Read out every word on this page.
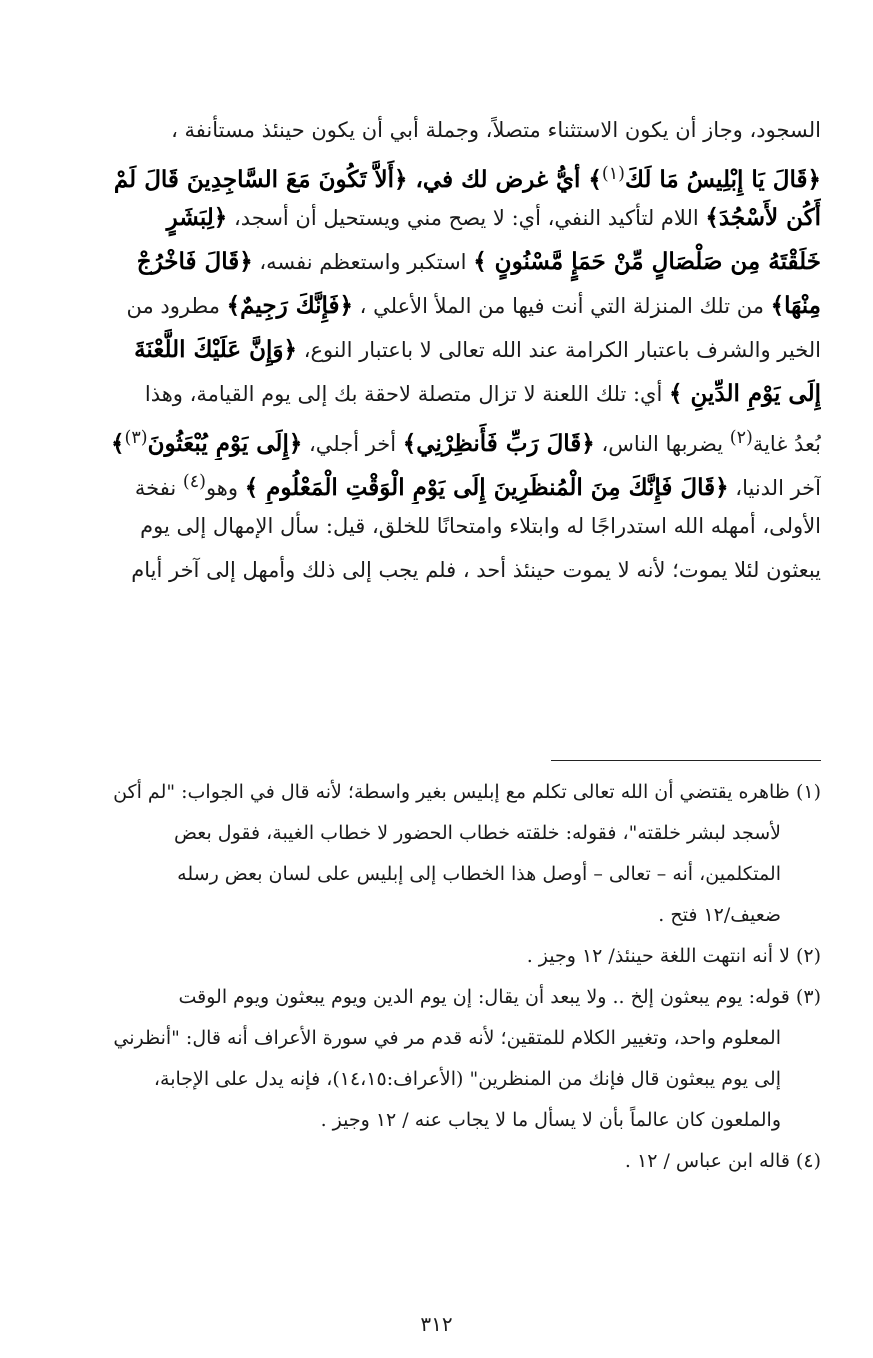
السجود، وجاز أن يكون الاستثناء متصلاً، وجملة أبي أن يكون حينئذ مستأنفة ،
﴿قَالَ يَا إِبْلِيسُ مَا لَكَ$^{(١)}$﴾ أيُّ غرض لك في، ﴿أَلاَّ تَكُونَ مَعَ السَّاجِدِينَ قَالَ لَمْ
أَكُن لأَسْجُدَ﴾ اللام لتأكيد النفي، أي: لا يصح مني ويستحيل أن أسجد، ﴿لِبَشَرٍ
خَلَقْتَهُ مِن صَلْصَالٍ مِّنْ حَمَإٍ مَّسْنُونٍ ﴾ استكبر واستعظم نفسه، ﴿قَالَ فَاخْرُجْ
مِنْهَا﴾ من تلك المنزلة التي أنت فيها من الملأ الأعلي ، ﴿فَإِنَّكَ رَجِيمٌ﴾ مطرود من
الخير والشرف باعتبار الكرامة عند الله تعالى لا باعتبار النوع، ﴿وَإِنَّ عَلَيْكَ اللَّعْنَةَ
إِلَى يَوْمِ الدِّينِ ﴾ أي: تلك اللعنة لا تزال متصلة لاحقة بك إلى يوم القيامة، وهذا
بُعدُ غاية$^{(٢)}$ يضربها الناس، ﴿قَالَ رَبِّ فَأَنظِرْنِي﴾ أخر أجلي، ﴿إِلَى يَوْمِ يُبْعَثُونَ$^{(٣)}$﴾
آخر الدنيا، ﴿قَالَ فَإِنَّكَ مِنَ الْمُنظَرِينَ إِلَى يَوْمِ الْوَقْتِ الْمَعْلُومِ ﴾ وهو$^{(٤)}$ نفخة
الأولى، أمهله الله استدراجًا له وابتلاء وامتحانًا للخلق، قيل: سأل الإمهال إلى يوم
يبعثون لئلا يموت؛ لأنه لا يموت حينئذ أحد ، فلم يجب إلى ذلك وأمهل إلى آخر أيام
(١) ظاهره يقتضي أن الله تعالى تكلم مع إبليس بغير واسطة؛ لأنه قال في الجواب: "لم أكن
لأسجد لبشر خلقته"، فقوله: خلقته خطاب الحضور لا خطاب الغيبة، فقول بعض
المتكلمين، أنه – تعالى – أوصل هذا الخطاب إلى إبليس على لسان بعض رسله
ضعيف/١٢ فتح .
(٢) لا أنه انتهت اللغة حينئذ/ ١٢ وجيز .
(٣) قوله: يوم يبعثون إلخ .. ولا يبعد أن يقال: إن يوم الدين ويوم يبعثون ويوم الوقت
المعلوم واحد، وتغيير الكلام للمتقين؛ لأنه قدم مر في سورة الأعراف أنه قال: "أنظرني
إلى يوم يبعثون قال فإنك من المنظرين" (الأعراف:١٤،١٥)، فإنه يدل على الإجابة،
والملعون كان عالماً بأن لا يسأل ما لا يجاب عنه / ١٢ وجيز .
(٤) قاله ابن عباس / ١٢ .
٣١٢
